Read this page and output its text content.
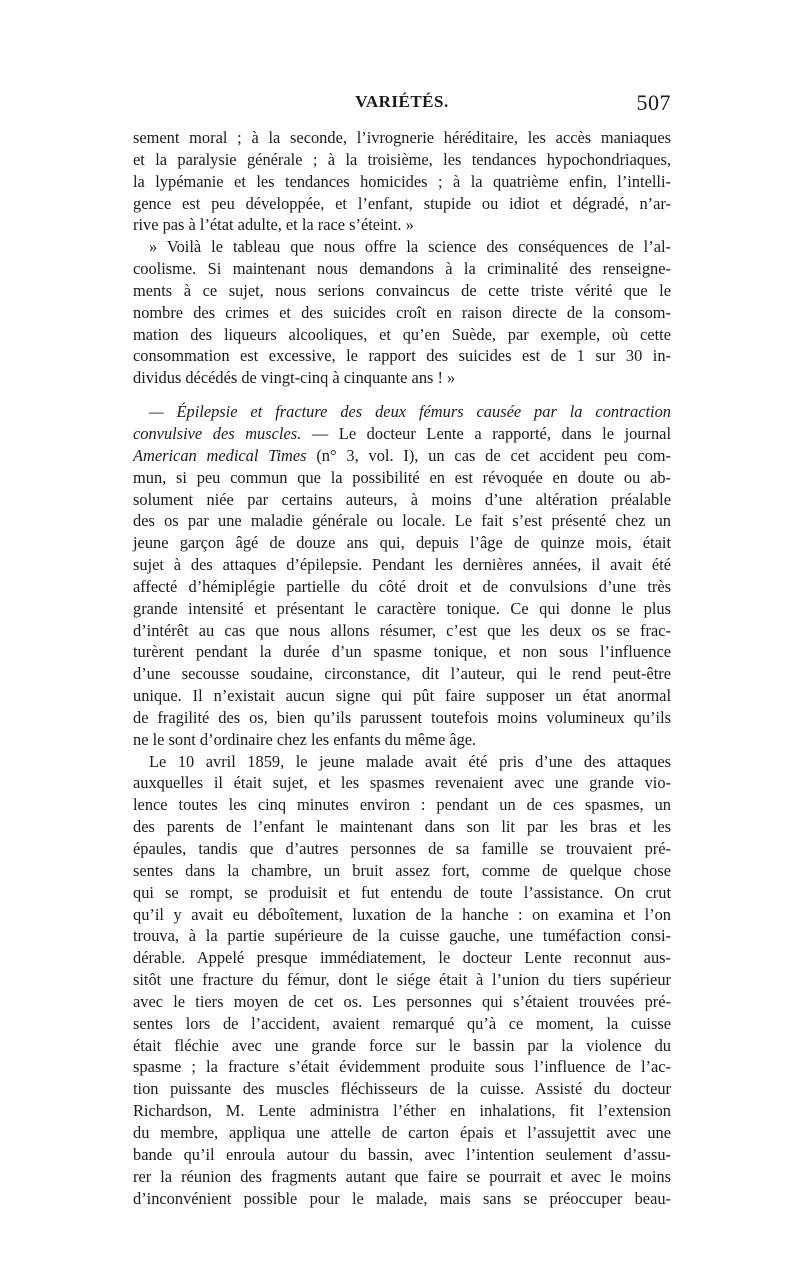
VARIÉTÉS.	507
sement moral ; à la seconde, l’ivrognerie héréditaire, les accès maniaques
et la paralysie générale ; à la troisième, les tendances hypochondriaques,
la lypémanie et les tendances homicides ; à la quatrième enfin, l’intelli-
gence est peu développée, et l’enfant, stupide ou idiot et dégradé, n’ar-
rive pas à l’état adulte, et la race s’éteint. »
» Voilà le tableau que nous offre la science des conséquences de l’al-
coolisme. Si maintenant nous demandons à la criminalité des renseigne-
ments à ce sujet, nous serions convaincus de cette triste vérité que le
nombre des crimes et des suicides croît en raison directe de la consom-
mation des liqueurs alcooliques, et qu’en Suède, par exemple, où cette
consommation est excessive, le rapport des suicides est de 1 sur 30 in-
dividus décédés de vingt-cinq à cinquante ans ! »
— Épilepsie et fracture des deux fémurs causée par la contraction
convulsive des muscles. — Le docteur Lente a rapporté, dans le journal
American medical Times (n° 3, vol. I), un cas de cet accident peu com-
mun, si peu commun que la possibilité en est révoquée en doute ou ab-
solument niée par certains auteurs, à moins d’une altération préalable
des os par une maladie générale ou locale. Le fait s’est présenté chez un
jeune garçon âgé de douze ans qui, depuis l’âge de quinze mois, était
sujet à des attaques d’épilepsie. Pendant les dernières années, il avait été
affecté d’hémiplégie partielle du côté droit et de convulsions d’une très
grande intensité et présentant le caractère tonique. Ce qui donne le plus
d’intérêt au cas que nous allons résumer, c’est que les deux os se frac-
turèrent pendant la durée d’un spasme tonique, et non sous l’influence
d’une secousse soudaine, circonstance, dit l’auteur, qui le rend peut-être
unique. Il n’existait aucun signe qui pût faire supposer un état anormal
de fragilité des os, bien qu’ils parussent toutefois moins volumineux qu’ils
ne le sont d’ordinaire chez les enfants du même âge.
Le 10 avril 1859, le jeune malade avait été pris d’une des attaques
auxquelles il était sujet, et les spasmes revenaient avec une grande vio-
lence toutes les cinq minutes environ : pendant un de ces spasmes, un
des parents de l’enfant le maintenant dans son lit par les bras et les
épaules, tandis que d’autres personnes de sa famille se trouvaient pré-
sentes dans la chambre, un bruit assez fort, comme de quelque chose
qui se rompt, se produisit et fut entendu de toute l’assistance. On crut
qu’il y avait eu déboîtement, luxation de la hanche : on examina et l’on
trouva, à la partie supérieure de la cuisse gauche, une tuméfaction consi-
dérable. Appelé presque immédiatement, le docteur Lente reconnut aus-
sitôt une fracture du fémur, dont le siége était à l’union du tiers supérieur
avec le tiers moyen de cet os. Les personnes qui s’étaient trouvées pré-
sentes lors de l’accident, avaient remarqué qu’à ce moment, la cuisse
était fléchie avec une grande force sur le bassin par la violence du
spasme ; la fracture s’était évidemment produite sous l’influence de l’ac-
tion puissante des muscles fléchisseurs de la cuisse. Assisté du docteur
Richardson, M. Lente administra l’éther en inhalations, fit l’extension
du membre, appliqua une attelle de carton épais et l’assujettit avec une
bande qu’il enroula autour du bassin, avec l’intention seulement d’assu-
rer la réunion des fragments autant que faire se pourrait et avec le moins
d’inconvénient possible pour le malade, mais sans se préoccuper beau-
